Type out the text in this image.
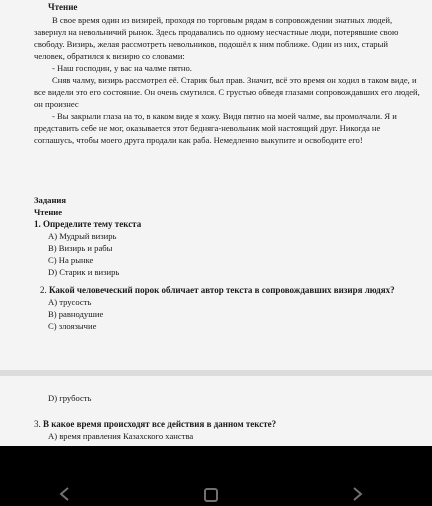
Чтение

В свое время один из визирей, проходя по торговым рядам в сопровождении знатных людей, завернул на невольничий рынок. Здесь продавались по одному несчастные люди, потерявшие свою свободу. Визирь, желая рассмотреть невольников, подошёл к ним поближе. Один из них, старый человек, обратился к визирю со словами:

- Наш господин, у вас на чалме пятно.

Сняв чалму, визирь рассмотрел её. Старик был прав. Значит, всё это время он ходил в таком виде, и все видели это его состояние. Он очень смутился. С грустью обведя глазами сопровождавших его людей, он произнес

- Вы закрыли глаза на то, в каком виде я хожу. Видя пятно на моей чалме, вы промолчали. Я и представить себе не мог, оказывается этот бедняга-невольник мой настоящий друг. Никогда не соглашусь, чтобы моего друга продали как раба. Немедленно выкупите и освободите его!

Задания
Чтение
1. Определите тему текста
А) Мудрый визирь
В) Визирь и рабы
С) На рынке
D) Старик и визирь
2. Какой человеческий порок обличает автор текста в сопровождавших визиря людях?
А) трусость
В) равнодушие
С) злоязычие
D) грубость
3. В какое время происходят все действия в данном тексте?
А) время правления Казахского ханства
